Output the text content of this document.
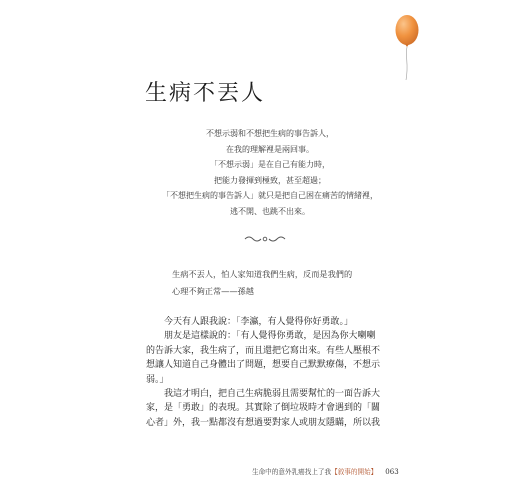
生病不丟人
不想示弱和不想把生病的事告訴人，
在我的理解裡是兩回事。
「不想示弱」是在自己有能力時，
把能力發揮到極致，甚至超過；
「不想把生病的事告訴人」就只是把自己困在痛苦的情緒裡，
逃不開、也跳不出來。
生病不丟人，怕人家知道我們生病，反而是我們的
心理不夠正常——孫越

今天有人跟我說：「李瀛，有人覺得你好勇敢。」

朋友是這樣說的：「有人覺得你勇敢，是因為你大喇喇
的告訴大家，我生病了，而且還把它寫出來。有些人壓根不
想讓人知道自己身體出了問題，想要自己默默療傷，不想示
弱。」

我這才明白，把自己生病脆弱且需要幫忙的一面告訴大
家，是「勇敢」的表現。其實除了倒垃圾時才會遇到的「關
心者」外，我一點都沒有想過要對家人或朋友隱瞞，所以我

生命中的意外乳癌找上了我【敘事的開始】 063
